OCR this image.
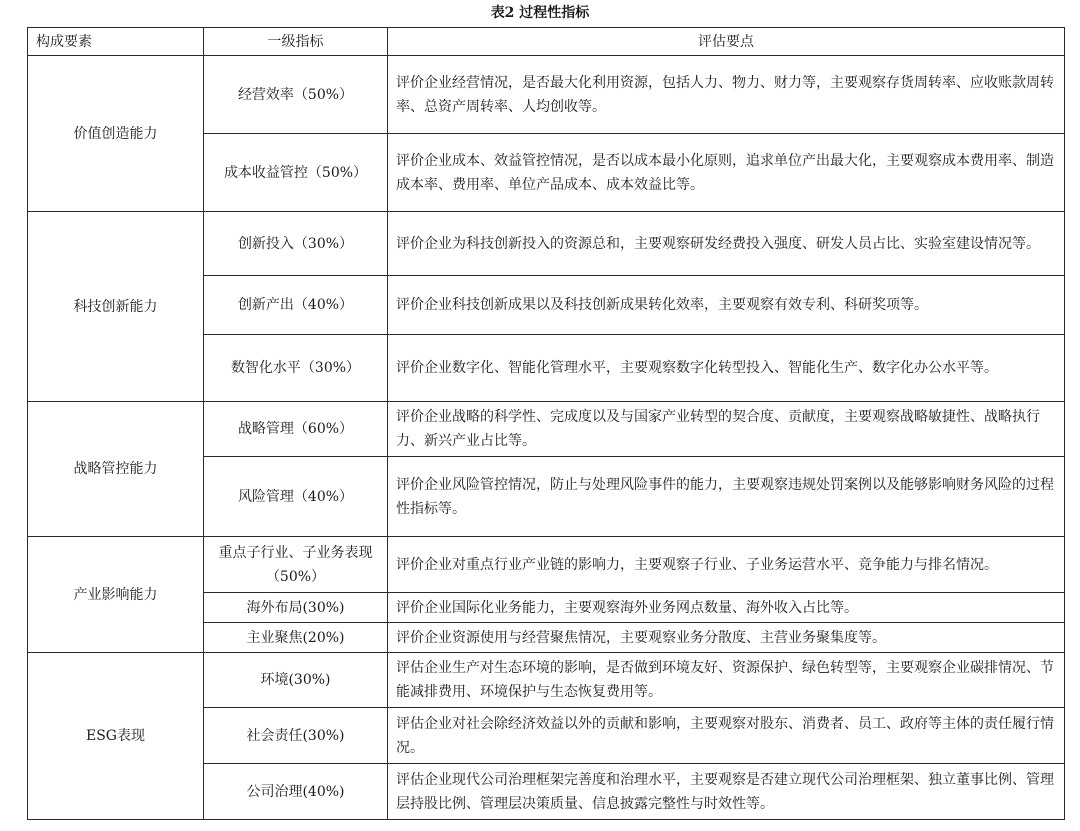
表2 过程性指标
构成要素	一级指标	评估要点
价值创造能力	经营效率（50%）	评价企业经营情况，是否最大化利用资源，包括人力、物力、财力等，主要观察存货周转率、应收账款周转率、总资产周转率、人均创收等。
	成本收益管控（50%）	评价企业成本、效益管控情况，是否以成本最小化原则，追求单位产出最大化，主要观察成本费用率、制造成本率、费用率、单位产品成本、成本效益比等。
科技创新能力	创新投入（30%）	评价企业为科技创新投入的资源总和，主要观察研发经费投入强度、研发人员占比、实验室建设情况等。
	创新产出（40%）	评价企业科技创新成果以及科技创新成果转化效率，主要观察有效专利、科研奖项等。
	数智化水平（30%）	评价企业数字化、智能化管理水平，主要观察数字化转型投入、智能化生产、数字化办公水平等。
战略管控能力	战略管理（60%）	评价企业战略的科学性、完成度以及与国家产业转型的契合度、贡献度，主要观察战略敏捷性、战略执行力、新兴产业占比等。
	风险管理（40%）	评价企业风险管控情况，防止与处理风险事件的能力，主要观察违规处罚案例以及能够影响财务风险的过程性指标等。
产业影响能力	重点子行业、子业务表现（50%）	评价企业对重点行业产业链的影响力，主要观察子行业、子业务运营水平、竞争能力与排名情况。
	海外布局(30%)	评价企业国际化业务能力，主要观察海外业务网点数量、海外收入占比等。
	主业聚焦(20%)	评价企业资源使用与经营聚焦情况，主要观察业务分散度、主营业务聚集度等。
ESG表现	环境(30%)	评估企业生产对生态环境的影响，是否做到环境友好、资源保护、绿色转型等，主要观察企业碳排情况、节能减排费用、环境保护与生态恢复费用等。
	社会责任(30%)	评估企业对社会除经济效益以外的贡献和影响，主要观察对股东、消费者、员工、政府等主体的责任履行情况。
	公司治理(40%)	评估企业现代公司治理框架完善度和治理水平，主要观察是否建立现代公司治理框架、独立董事比例、管理层持股比例、管理层决策质量、信息披露完整性与时效性等。
